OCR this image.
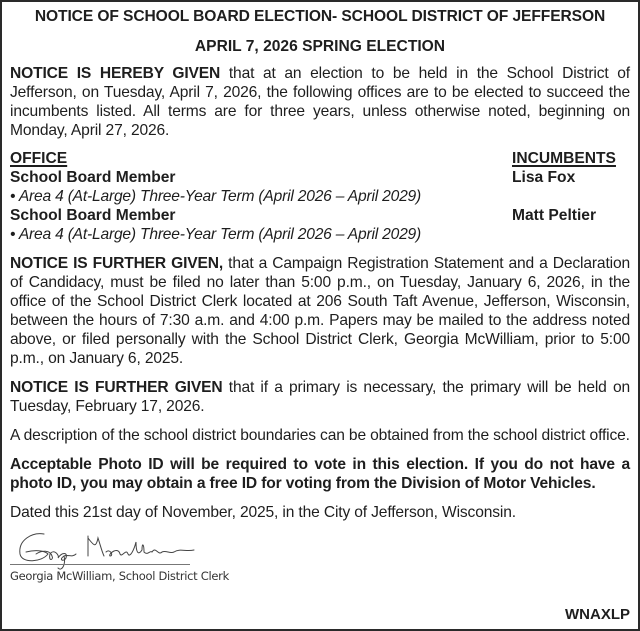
NOTICE OF SCHOOL BOARD ELECTION- SCHOOL DISTRICT OF JEFFERSON
APRIL 7, 2026 SPRING ELECTION

NOTICE IS HEREBY GIVEN that at an election to be held in the School District of Jefferson, on Tuesday, April 7, 2026, the following offices are to be elected to succeed the incumbents listed. All terms are for three years, unless otherwise noted, beginning on Monday, April 27, 2026.

OFFICE	INCUMBENTS
School Board Member	Lisa Fox
• Area 4 (At-Large) Three-Year Term (April 2026 – April 2029)
School Board Member	Matt Peltier
• Area 4 (At-Large) Three-Year Term (April 2026 – April 2029)

NOTICE IS FURTHER GIVEN, that a Campaign Registration Statement and a Declaration of Candidacy, must be filed no later than 5:00 p.m., on Tuesday, January 6, 2026, in the office of the School District Clerk located at 206 South Taft Avenue, Jefferson, Wisconsin, between the hours of 7:30 a.m. and 4:00 p.m. Papers may be mailed to the address noted above, or filed personally with the School District Clerk, Georgia McWilliam, prior to 5:00 p.m., on January 6, 2025.

NOTICE IS FURTHER GIVEN that if a primary is necessary, the primary will be held on Tuesday, February 17, 2026.

A description of the school district boundaries can be obtained from the school district office.

Acceptable Photo ID will be required to vote in this election. If you do not have a photo ID, you may obtain a free ID for voting from the Division of Motor Vehicles.

Dated this 21st day of November, 2025, in the City of Jefferson, Wisconsin.

Georgia McWilliam, School District Clerk
WNAXLP
